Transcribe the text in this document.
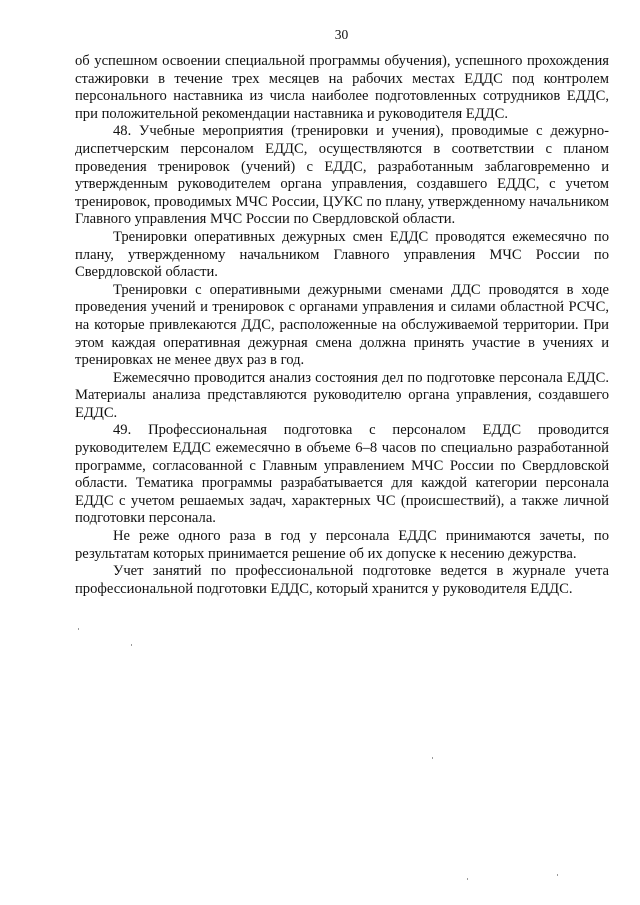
30

об успешном освоении специальной программы обучения), успешного прохождения стажировки в течение трех месяцев на рабочих местах ЕДДС под контролем персонального наставника из числа наиболее подготовленных сотрудников ЕДДС, при положительной рекомендации наставника и руководителя ЕДДС.

48. Учебные мероприятия (тренировки и учения), проводимые с дежурно-диспетчерским персоналом ЕДДС, осуществляются в соответствии с планом проведения тренировок (учений) с ЕДДС, разработанным заблаговременно и утвержденным руководителем органа управления, создавшего ЕДДС, с учетом тренировок, проводимых МЧС России, ЦУКС по плану, утвержденному начальником Главного управления МЧС России по Свердловской области.

Тренировки оперативных дежурных смен ЕДДС проводятся ежемесячно по плану, утвержденному начальником Главного управления МЧС России по Свердловской области.

Тренировки с оперативными дежурными сменами ДДС проводятся в ходе проведения учений и тренировок с органами управления и силами областной РСЧС, на которые привлекаются ДДС, расположенные на обслуживаемой территории. При этом каждая оперативная дежурная смена должна принять участие в учениях и тренировках не менее двух раз в год.

Ежемесячно проводится анализ состояния дел по подготовке персонала ЕДДС. Материалы анализа представляются руководителю органа управления, создавшего ЕДДС.

49. Профессиональная подготовка с персоналом ЕДДС проводится руководителем ЕДДС ежемесячно в объеме 6–8 часов по специально разработанной программе, согласованной с Главным управлением МЧС России по Свердловской области. Тематика программы разрабатывается для каждой категории персонала ЕДДС с учетом решаемых задач, характерных ЧС (происшествий), а также личной подготовки персонала.

Не реже одного раза в год у персонала ЕДДС принимаются зачеты, по результатам которых принимается решение об их допуске к несению дежурства.

Учет занятий по профессиональной подготовке ведется в журнале учета профессиональной подготовки ЕДДС, который хранится у руководителя ЕДДС.
